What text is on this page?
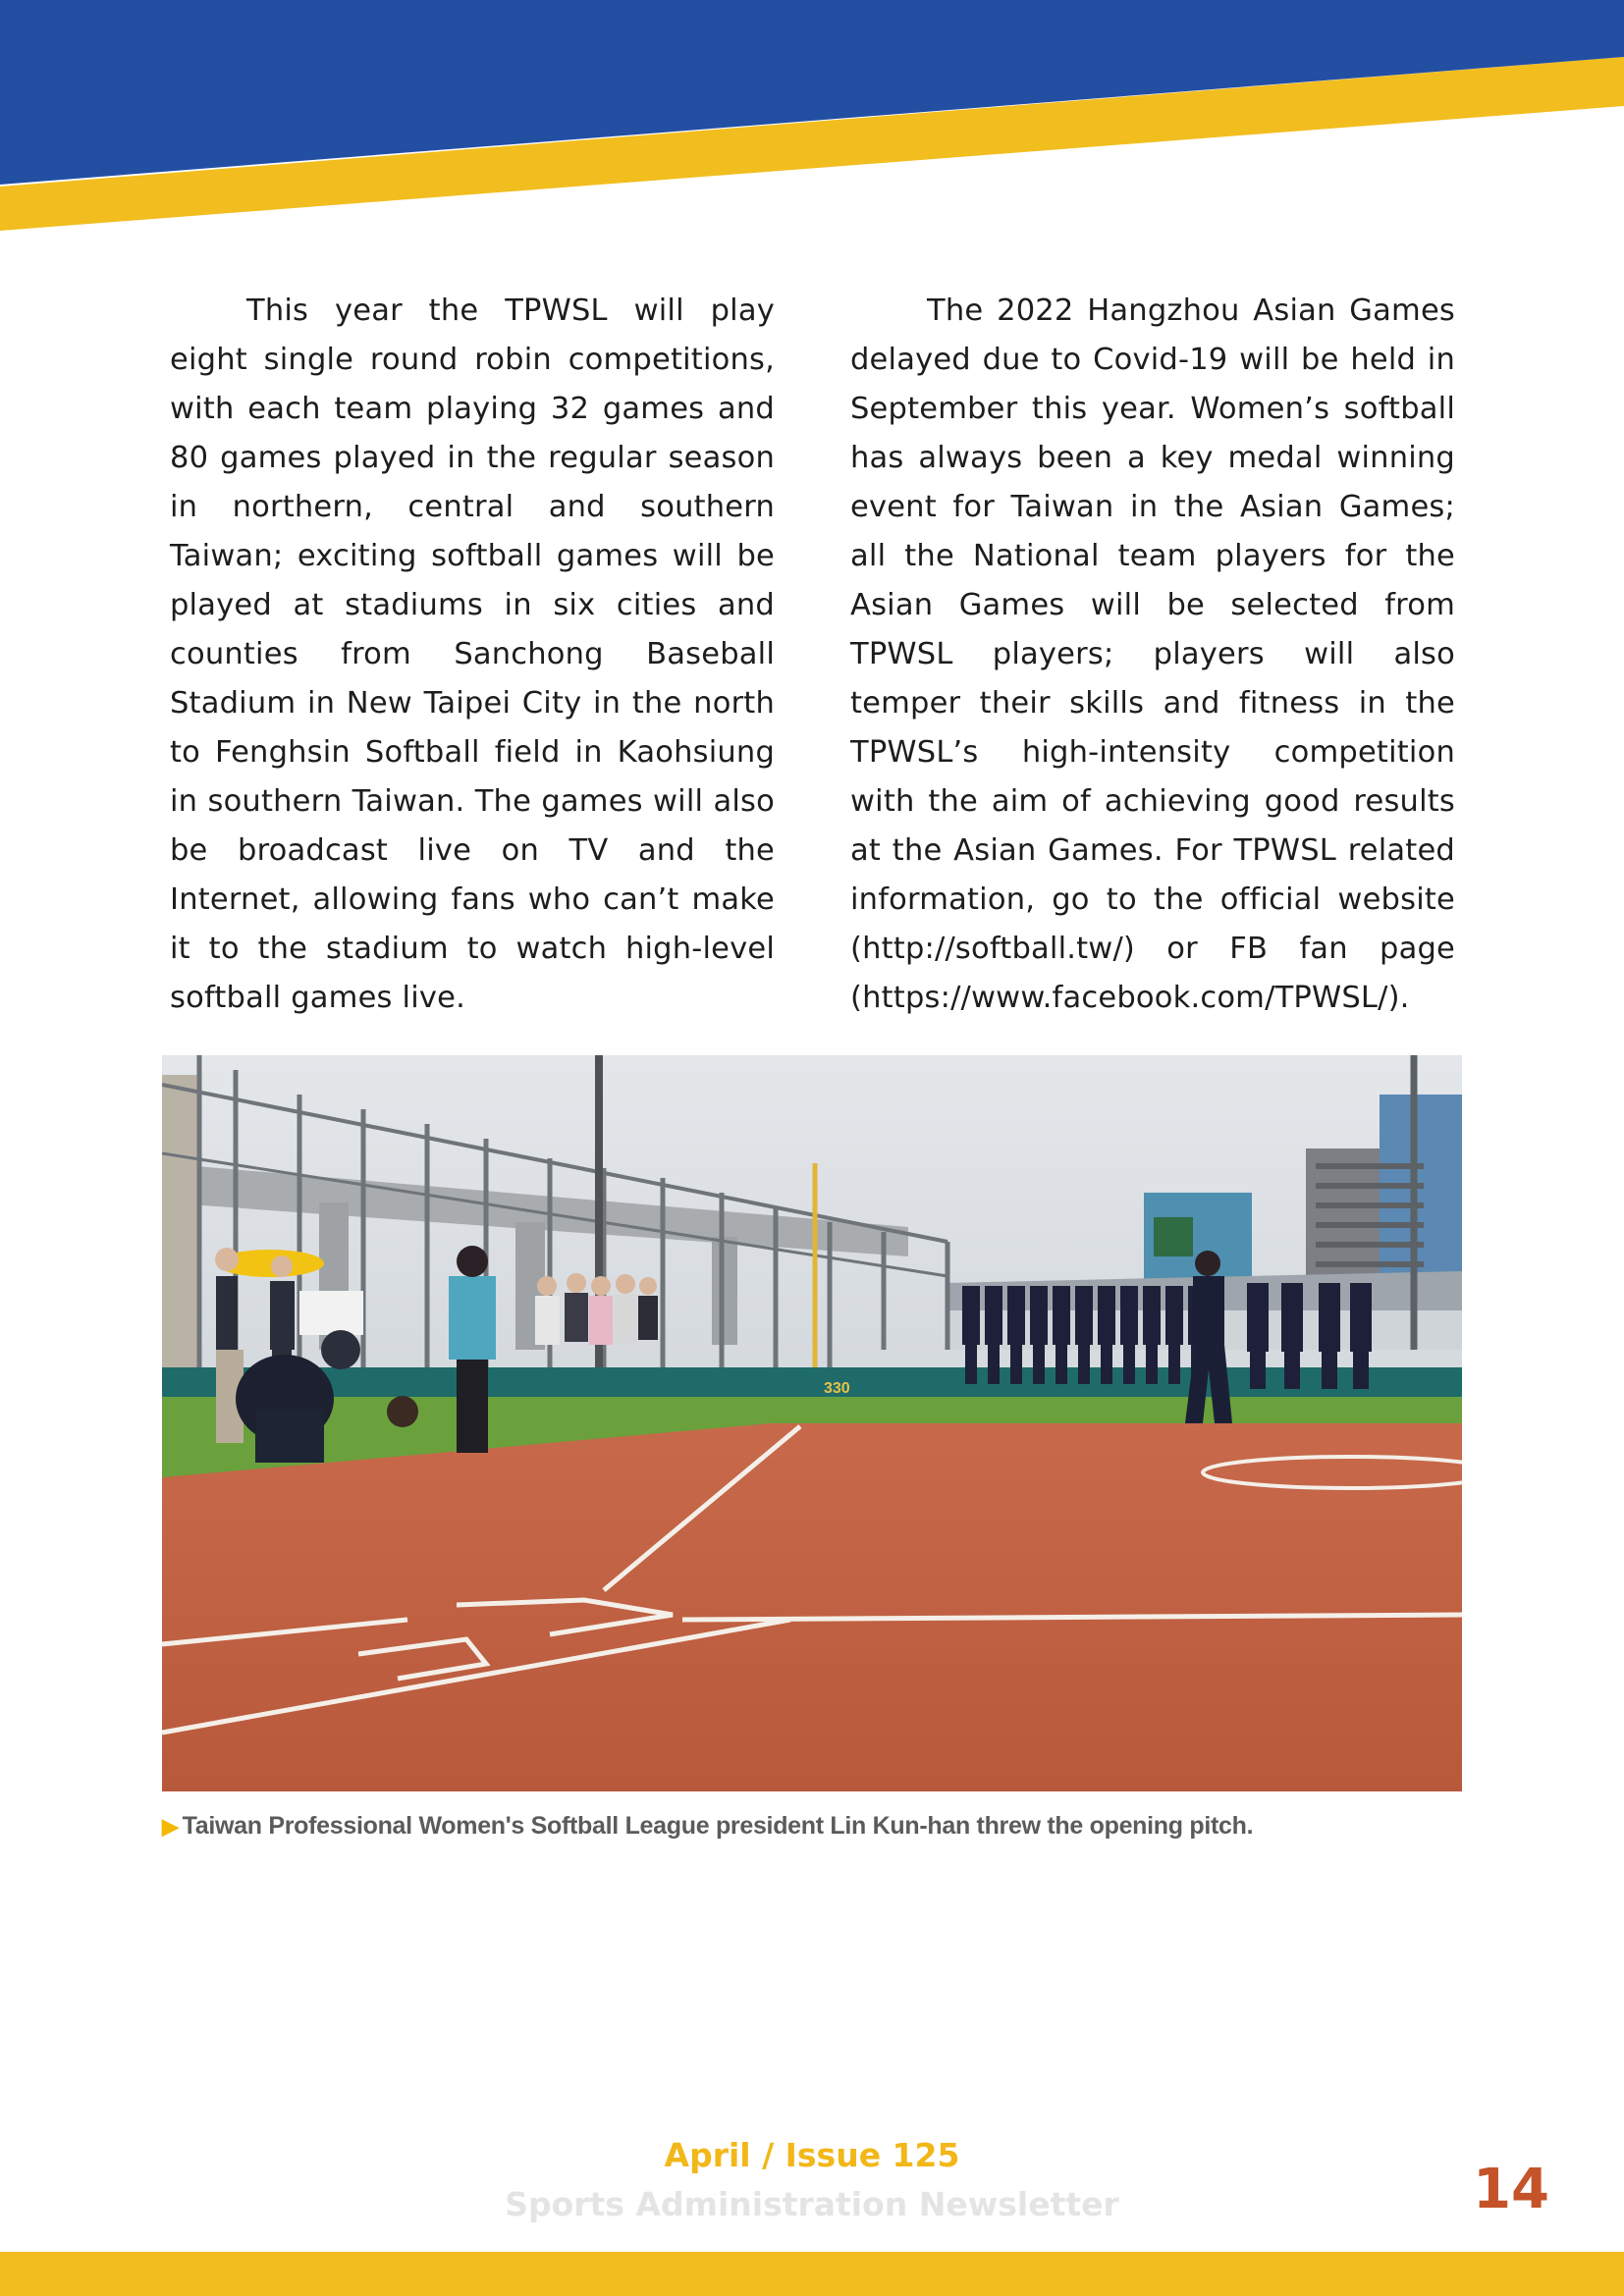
This year the TPWSL will play eight single round robin competitions, with each team playing 32 games and 80 games played in the regular season in northern, central and southern Taiwan; exciting softball games will be played at stadiums in six cities and counties from Sanchong Baseball Stadium in New Taipei City in the north to Fenghsin Softball field in Kaohsiung in southern Taiwan. The games will also be broadcast live on TV and the Internet, allowing fans who can’t make it to the stadium to watch high-level softball games live.

The 2022 Hangzhou Asian Games delayed due to Covid-19 will be held in September this year. Women’s softball has always been a key medal winning event for Taiwan in the Asian Games; all the National team players for the Asian Games will be selected from TPWSL players; players will also temper their skills and fitness in the TPWSL’s high-intensity competition with the aim of achieving good results at the Asian Games. For TPWSL related information, go to the official website (http://softball.tw/) or FB fan page (https://www.facebook.com/TPWSL/).

330
▶ Taiwan Professional Women's Softball League president Lin Kun-han threw the opening pitch.
April / Issue 125
Sports Administration Newsletter	14
